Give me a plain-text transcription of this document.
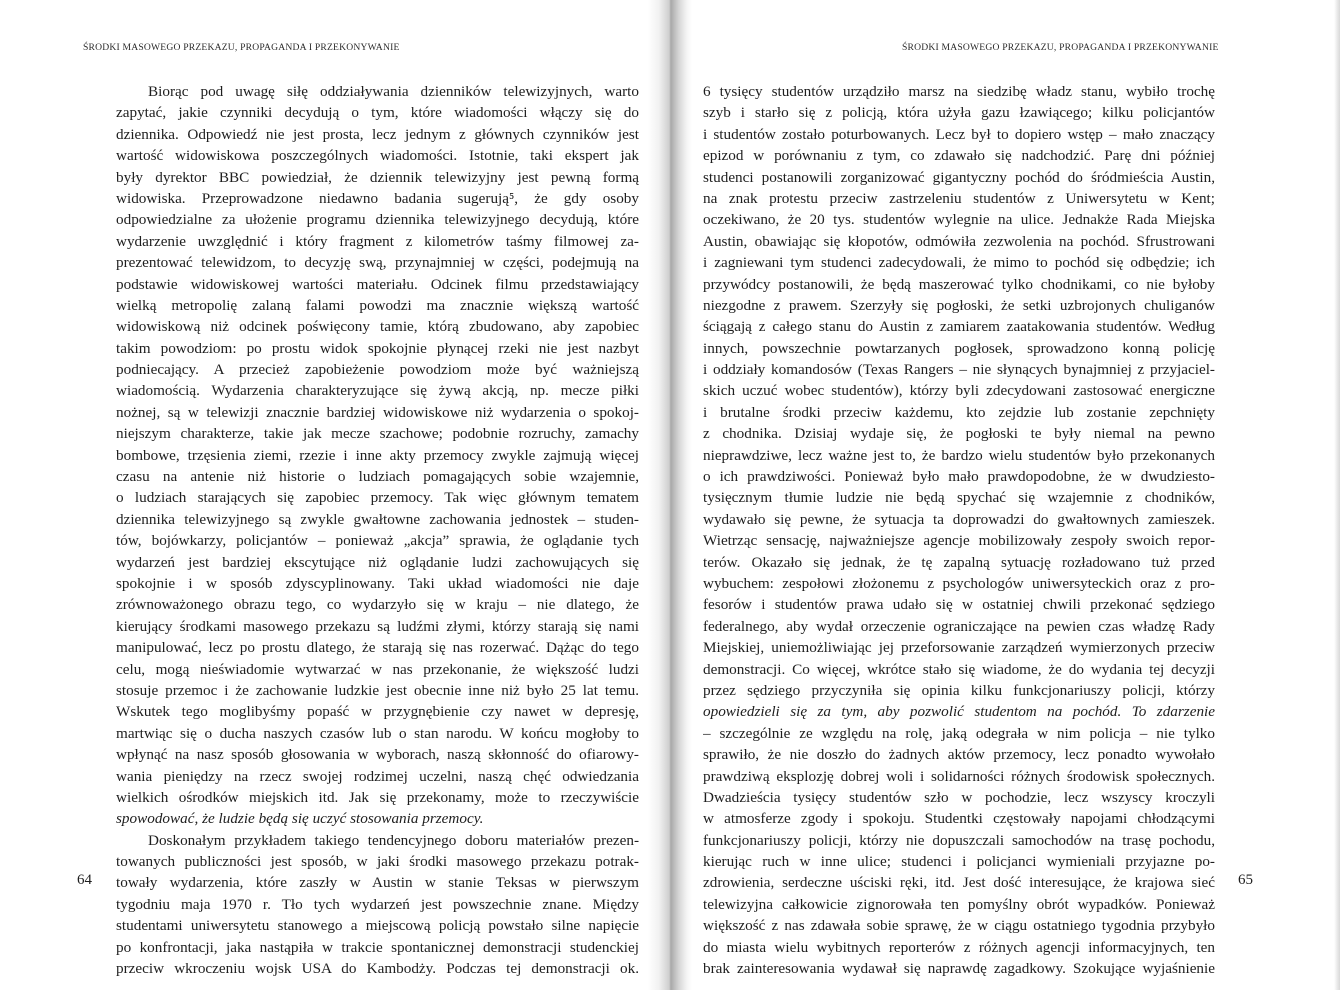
ŚRODKI MASOWEGO PRZEKAZU, PROPAGANDA I PRZEKONYWANIE
Biorąc pod uwagę siłę oddziaływania dzienników telewizyjnych, warto
zapytać, jakie czynniki decydują o tym, które wiadomości włączy się do
dziennika. Odpowiedź nie jest prosta, lecz jednym z głównych czynników jest
wartość widowiskowa poszczególnych wiadomości. Istotnie, taki ekspert jak
były dyrektor BBC powiedział, że dziennik telewizyjny jest pewną formą
widowiska. Przeprowadzone niedawno badania sugerują⁵, że gdy osoby
odpowiedzialne za ułożenie programu dziennika telewizyjnego decydują, które
wydarzenie uwzględnić i który fragment z kilometrów taśmy filmowej za-
prezentować telewidzom, to decyzję swą, przynajmniej w części, podejmują na
podstawie widowiskowej wartości materiału. Odcinek filmu przedstawiający
wielką metropolię zalaną falami powodzi ma znacznie większą wartość
widowiskową niż odcinek poświęcony tamie, którą zbudowano, aby zapobiec
takim powodziom: po prostu widok spokojnie płynącej rzeki nie jest nazbyt
podniecający. A przecież zapobieżenie powodziom może być ważniejszą
wiadomością. Wydarzenia charakteryzujące się żywą akcją, np. mecze piłki
nożnej, są w telewizji znacznie bardziej widowiskowe niż wydarzenia o spokoj-
niejszym charakterze, takie jak mecze szachowe; podobnie rozruchy, zamachy
bombowe, trzęsienia ziemi, rzezie i inne akty przemocy zwykle zajmują więcej
czasu na antenie niż historie o ludziach pomagających sobie wzajemnie,
o ludziach starających się zapobiec przemocy. Tak więc głównym tematem
dziennika telewizyjnego są zwykle gwałtowne zachowania jednostek – studen-
tów, bojówkarzy, policjantów – ponieważ „akcja” sprawia, że oglądanie tych
wydarzeń jest bardziej ekscytujące niż oglądanie ludzi zachowujących się
spokojnie i w sposób zdyscyplinowany. Taki układ wiadomości nie daje
zrównoważonego obrazu tego, co wydarzyło się w kraju – nie dlatego, że
kierujący środkami masowego przekazu są ludźmi złymi, którzy starają się nami
manipulować, lecz po prostu dlatego, że starają się nas rozerwać. Dążąc do tego
celu, mogą nieświadomie wytwarzać w nas przekonanie, że większość ludzi
stosuje przemoc i że zachowanie ludzkie jest obecnie inne niż było 25 lat temu.
Wskutek tego moglibyśmy popaść w przygnębienie czy nawet w depresję,
martwiąc się o ducha naszych czasów lub o stan narodu. W końcu mogłoby to
wpłynąć na nasz sposób głosowania w wyborach, naszą skłonność do ofiarowy-
wania pieniędzy na rzecz swojej rodzimej uczelni, naszą chęć odwiedzania
wielkich ośrodków miejskich itd. Jak się przekonamy, może to rzeczywiście
spowodować, że ludzie będą się uczyć stosowania przemocy.
Doskonałym przykładem takiego tendencyjnego doboru materiałów prezen-
towanych publiczności jest sposób, w jaki środki masowego przekazu potrak-
towały wydarzenia, które zaszły w Austin w stanie Teksas w pierwszym
tygodniu maja 1970 r. Tło tych wydarzeń jest powszechnie znane. Między
studentami uniwersytetu stanowego a miejscową policją powstało silne napięcie
po konfrontacji, jaka nastąpiła w trakcie spontanicznej demonstracji studenckiej
przeciw wkroczeniu wojsk USA do Kambodży. Podczas tej demonstracji ok.
64
ŚRODKI MASOWEGO PRZEKAZU, PROPAGANDA I PRZEKONYWANIE
6 tysięcy studentów urządziło marsz na siedzibę władz stanu, wybiło trochę
szyb i starło się z policją, która użyła gazu łzawiącego; kilku policjantów
i studentów zostało poturbowanych. Lecz był to dopiero wstęp – mało znaczący
epizod w porównaniu z tym, co zdawało się nadchodzić. Parę dni później
studenci postanowili zorganizować gigantyczny pochód do śródmieścia Austin,
na znak protestu przeciw zastrzeleniu studentów z Uniwersytetu w Kent;
oczekiwano, że 20 tys. studentów wylegnie na ulice. Jednakże Rada Miejska
Austin, obawiając się kłopotów, odmówiła zezwolenia na pochód. Sfrustrowani
i zagniewani tym studenci zadecydowali, że mimo to pochód się odbędzie; ich
przywódcy postanowili, że będą maszerować tylko chodnikami, co nie byłoby
niezgodne z prawem. Szerzyły się pogłoski, że setki uzbrojonych chuliganów
ściągają z całego stanu do Austin z zamiarem zaatakowania studentów. Według
innych, powszechnie powtarzanych pogłosek, sprowadzono konną policję
i oddziały komandosów (Texas Rangers – nie słynących bynajmniej z przyjaciel-
skich uczuć wobec studentów), którzy byli zdecydowani zastosować energiczne
i brutalne środki przeciw każdemu, kto zejdzie lub zostanie zepchnięty
z chodnika. Dzisiaj wydaje się, że pogłoski te były niemal na pewno
nieprawdziwe, lecz ważne jest to, że bardzo wielu studentów było przekonanych
o ich prawdziwości. Ponieważ było mało prawdopodobne, że w dwudziesto-
tysięcznym tłumie ludzie nie będą spychać się wzajemnie z chodników,
wydawało się pewne, że sytuacja ta doprowadzi do gwałtownych zamieszek.
Wietrząc sensację, najważniejsze agencje mobilizowały zespoły swoich repor-
terów. Okazało się jednak, że tę zapalną sytuację rozładowano tuż przed
wybuchem: zespołowi złożonemu z psychologów uniwersyteckich oraz z pro-
fesorów i studentów prawa udało się w ostatniej chwili przekonać sędziego
federalnego, aby wydał orzeczenie ograniczające na pewien czas władzę Rady
Miejskiej, uniemożliwiając jej przeforsowanie zarządzeń wymierzonych przeciw
demonstracji. Co więcej, wkrótce stało się wiadome, że do wydania tej decyzji
przez sędziego przyczyniła się opinia kilku funkcjonariuszy policji, którzy
opowiedzieli się za tym, aby pozwolić studentom na pochód. To zdarzenie
– szczególnie ze względu na rolę, jaką odegrała w nim policja – nie tylko
sprawiło, że nie doszło do żadnych aktów przemocy, lecz ponadto wywołało
prawdziwą eksplozję dobrej woli i solidarności różnych środowisk społecznych.
Dwadzieścia tysięcy studentów szło w pochodzie, lecz wszyscy kroczyli
w atmosferze zgody i spokoju. Studentki częstowały napojami chłodzącymi
funkcjonariuszy policji, którzy nie dopuszczali samochodów na trasę pochodu,
kierując ruch w inne ulice; studenci i policjanci wymieniali przyjazne po-
zdrowienia, serdeczne uściski ręki, itd. Jest dość interesujące, że krajowa sieć
telewizyjna całkowicie zignorowała ten pomyślny obrót wypadków. Ponieważ
większość z nas zdawała sobie sprawę, że w ciągu ostatniego tygodnia przybyło
do miasta wielu wybitnych reporterów z różnych agencji informacyjnych, ten
brak zainteresowania wydawał się naprawdę zagadkowy. Szokujące wyjaśnienie
65
